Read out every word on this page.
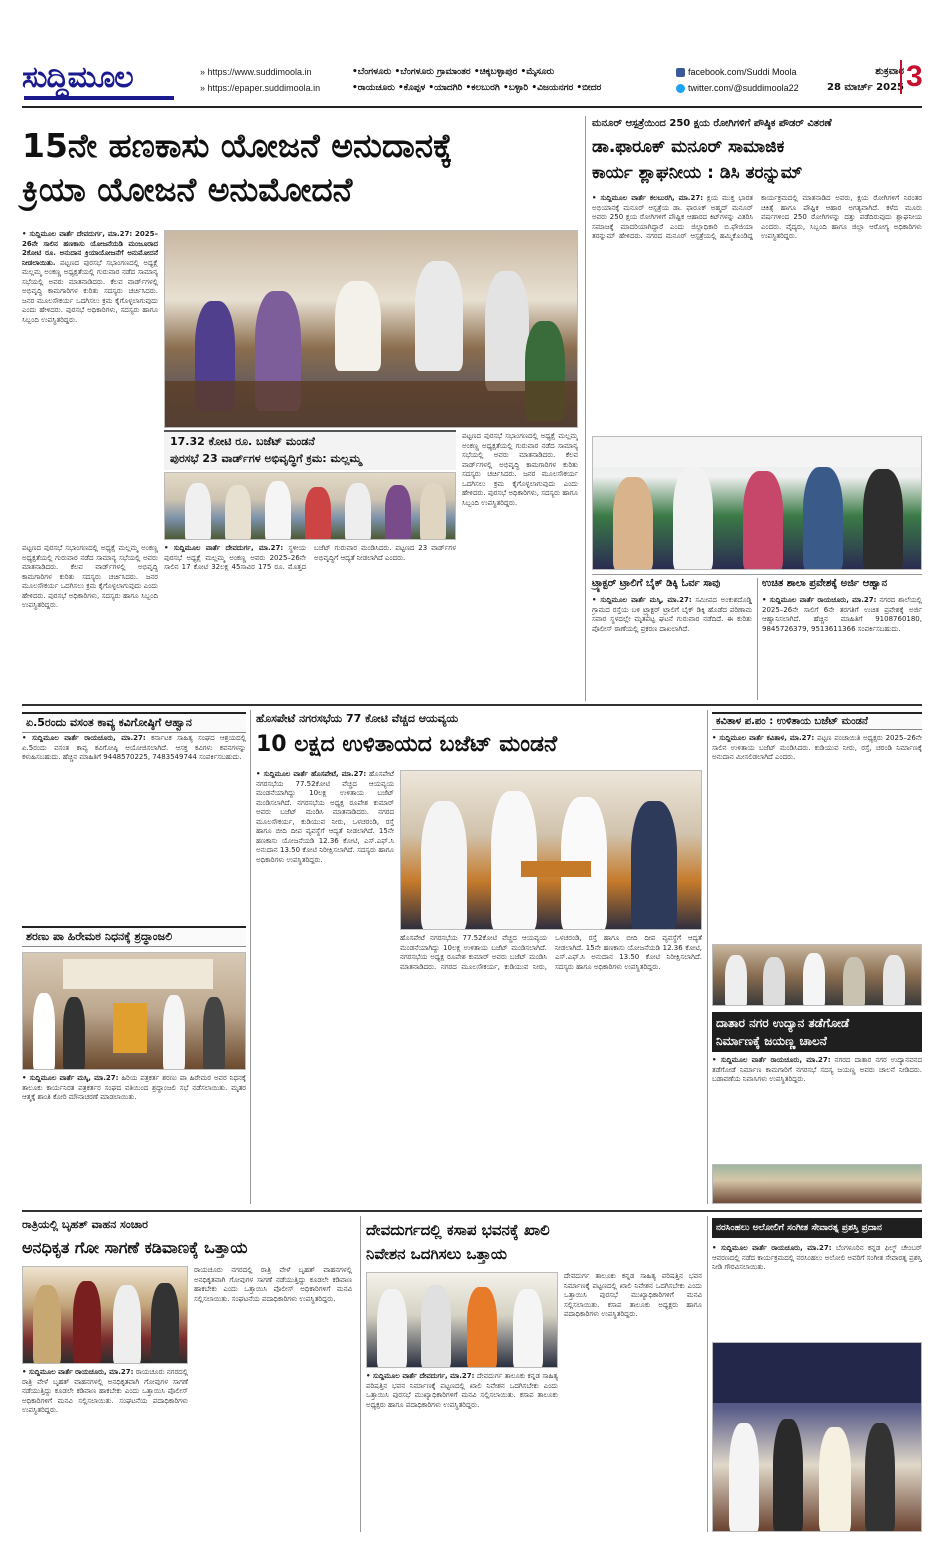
ಸುದ್ದಿಮೂಲ	» https://www.suddimoola.in
» https://epaper.suddimoola.in
•ಬೆಂಗಳೂರು •ಬೆಂಗಳೂರು ಗ್ರಾಮಾಂತರ •ಚಿಕ್ಕಬಳ್ಳಾಪುರ •ಮೈಸೂರು
•ರಾಯಚೂರು •ಕೊಪ್ಪಳ •ಯಾದಗಿರಿ •ಕಲಬುರಗಿ •ಬಳ್ಳಾರಿ •ವಿಜಯನಗರ •ಬೀದರ
facebook.com/Suddi Moola
twitter.com/@suddimoola22
ಶುಕ್ರವಾರ
28 ಮಾರ್ಚ್ 2025 3
15ನೇ ಹಣಕಾಸು ಯೋಜನೆ ಅನುದಾನಕ್ಕೆ
ಕ್ರಿಯಾ ಯೋಜನೆ ಅನುಮೋದನೆ
• ಸುದ್ದಿಮೂಲ ವಾರ್ತೆ ದೇವದುರ್ಗ, ಮಾ.27: 2025–26ನೇ ಸಾಲಿನ ಹಣಕಾಸು ಯೋಜನೆಯಡಿ ಮಂಜೂರಾದ 2ಕೋಟಿ ರೂ. ಅನುದಾನ ಕ್ರಿಯಾಯೋಜನೆಗೆ ಅನುಮೋದನೆ ನೀಡಲಾಯಿತು. ಪಟ್ಟಣದ ಪುರಸಭೆ ಸಭಾಂಗಣದಲ್ಲಿ ಅಧ್ಯಕ್ಷೆ ಮಲ್ಲಮ್ಮ ಅಂಕಣ್ಣ ಅಧ್ಯಕ್ಷತೆಯಲ್ಲಿ ಗುರುವಾರ ನಡೆದ ಸಾಮಾನ್ಯ ಸಭೆಯಲ್ಲಿ ಅವರು ಮಾತನಾಡಿದರು. ಕೆಲವ ವಾರ್ಡ್‌ಗಳಲ್ಲಿ ಅಭಿವೃದ್ಧಿ ಕಾಮಗಾರಿಗಳ ಕುರಿತು ಸದಸ್ಯರು ಚರ್ಚಿಸಿದರು. ಜನರ ಮೂಲಸೌಕರ್ಯ ಒದಗಿಸಲು ಕ್ರಮ ಕೈಗೊಳ್ಳಲಾಗುವುದು ಎಂದು ಹೇಳಿದರು. ಪುರಸಭೆ ಅಧಿಕಾರಿಗಳು, ಸದಸ್ಯರು ಹಾಗೂ ಸಿಬ್ಬಂದಿ ಉಪಸ್ಥಿತರಿದ್ದರು.
17.32 ಕೋಟಿ ರೂ. ಬಜೆಟ್ ಮಂಡನೆ
ಪುರಸಭೆ 23 ವಾರ್ಡ್‌ಗಳ ಅಭಿವೃದ್ಧಿಗೆ ಕ್ರಮ: ಮಲ್ಲಮ್ಮ
• ಸುದ್ದಿಮೂಲ ವಾರ್ತೆ ದೇವದುರ್ಗ, ಮಾ.27: ಸ್ಥಳೀಯ ಪುರಸಭೆ ಅಧ್ಯಕ್ಷೆ ಮಲ್ಲಮ್ಮ ಅಂಕಣ್ಣ ಅವರು 2025–26ನೇ ಸಾಲಿನ 17 ಕೋಟಿ 32ಲಕ್ಷ 45ಸಾವಿರ 175 ರೂ. ಮೊತ್ತದ ಬಜೆಟ್ ಗುರುವಾರ ಮಂಡಿಸಿದರು. ಪಟ್ಟಣದ 23 ವಾರ್ಡ್‌ಗಳ ಅಭಿವೃದ್ಧಿಗೆ ಆದ್ಯತೆ ನೀಡಲಾಗಿದೆ ಎಂದರು.
ಪಟ್ಟಣದ ಪುರಸಭೆ ಸಭಾಂಗಣದಲ್ಲಿ ಅಧ್ಯಕ್ಷೆ ಮಲ್ಲಮ್ಮ ಅಂಕಣ್ಣ ಅಧ್ಯಕ್ಷತೆಯಲ್ಲಿ ಗುರುವಾರ ನಡೆದ ಸಾಮಾನ್ಯ ಸಭೆಯಲ್ಲಿ ಅವರು ಮಾತನಾಡಿದರು. ಕೆಲವ ವಾರ್ಡ್‌ಗಳಲ್ಲಿ ಅಭಿವೃದ್ಧಿ ಕಾಮಗಾರಿಗಳ ಕುರಿತು ಸದಸ್ಯರು ಚರ್ಚಿಸಿದರು. ಜನರ ಮೂಲಸೌಕರ್ಯ ಒದಗಿಸಲು ಕ್ರಮ ಕೈಗೊಳ್ಳಲಾಗುವುದು ಎಂದು ಹೇಳಿದರು. ಪುರಸಭೆ ಅಧಿಕಾರಿಗಳು, ಸದಸ್ಯರು ಹಾಗೂ ಸಿಬ್ಬಂದಿ ಉಪಸ್ಥಿತರಿದ್ದರು.
ಪಟ್ಟಣದ ಪುರಸಭೆ ಸಭಾಂಗಣದಲ್ಲಿ ಅಧ್ಯಕ್ಷೆ ಮಲ್ಲಮ್ಮ ಅಂಕಣ್ಣ ಅಧ್ಯಕ್ಷತೆಯಲ್ಲಿ ಗುರುವಾರ ನಡೆದ ಸಾಮಾನ್ಯ ಸಭೆಯಲ್ಲಿ ಅವರು ಮಾತನಾಡಿದರು. ಕೆಲವ ವಾರ್ಡ್‌ಗಳಲ್ಲಿ ಅಭಿವೃದ್ಧಿ ಕಾಮಗಾರಿಗಳ ಕುರಿತು ಸದಸ್ಯರು ಚರ್ಚಿಸಿದರು. ಜನರ ಮೂಲಸೌಕರ್ಯ ಒದಗಿಸಲು ಕ್ರಮ ಕೈಗೊಳ್ಳಲಾಗುವುದು ಎಂದು ಹೇಳಿದರು. ಪುರಸಭೆ ಅಧಿಕಾರಿಗಳು, ಸದಸ್ಯರು ಹಾಗೂ ಸಿಬ್ಬಂದಿ ಉಪಸ್ಥಿತರಿದ್ದರು.
ಮನೂರ್ ಆಸ್ಪತ್ರೆಯಿಂದ 250 ಕ್ಷಯ ರೋಗಿಗಳಿಗೆ ಪೌಷ್ಠಿಕ ಪೌಡರ್ ವಿತರಣೆ
ಡಾ.ಫಾರೂಕ್ ಮನೂರ್ ಸಾಮಾಜಿಕ
ಕಾರ್ಯ ಶ್ಲಾಘನೀಯ : ಡಿಸಿ ತರನ್ನುಮ್
• ಸುದ್ದಿಮೂಲ ವಾರ್ತೆ ಕಲಬುರಗಿ, ಮಾ.27: ಕ್ಷಯ ಮುಕ್ತ ಭಾರತ ಅಭಿಯಾನಕ್ಕೆ ಮನೂರ್ ಆಸ್ಪತ್ರೆಯ ಡಾ. ಫಾರೂಕ್ ಅಹ್ಮದ್ ಮನೂರ್ ಅವರು 250 ಕ್ಷಯ ರೋಗಿಗಳಿಗೆ ಪೌಷ್ಟಿಕ ಆಹಾರದ ಕಿಟ್‌ಗಳನ್ನು ವಿತರಿಸಿ ಸಮಾಜಕ್ಕೆ ಮಾದರಿಯಾಗಿದ್ದಾರೆ ಎಂದು ಜಿಲ್ಲಾಧಿಕಾರಿ ಬಿ.ಫೌಜಿಯಾ ತರನ್ನುಮ್ ಹೇಳಿದರು. ನಗರದ ಮನೂರ್ ಆಸ್ಪತ್ರೆಯಲ್ಲಿ ಹಮ್ಮಿಕೊಂಡಿದ್ದ ಕಾರ್ಯಕ್ರಮದಲ್ಲಿ ಮಾತನಾಡಿದ ಅವರು, ಕ್ಷಯ ರೋಗಿಗಳಿಗೆ ನಿರಂತರ ಚಿಕಿತ್ಸೆ ಹಾಗೂ ಪೌಷ್ಟಿಕ ಆಹಾರ ಅಗತ್ಯವಾಗಿದೆ. ಕಳೆದ ಮೂರು ವರ್ಷಗಳಿಂದ 250 ರೋಗಿಗಳನ್ನು ದತ್ತು ಪಡೆದಿರುವುದು ಶ್ಲಾಘನೀಯ ಎಂದರು. ವೈದ್ಯರು, ಸಿಬ್ಬಂದಿ ಹಾಗೂ ಜಿಲ್ಲಾ ಆರೋಗ್ಯ ಅಧಿಕಾರಿಗಳು ಉಪಸ್ಥಿತರಿದ್ದರು.
ಟ್ರ್ಯಾಕ್ಟರ್ ಟ್ರಾಲಿಗೆ ಬೈಕ್ ಡಿಕ್ಕಿ ಓರ್ವ ಸಾವು
• ಸುದ್ದಿಮೂಲ ವಾರ್ತೆ ಮಸ್ಕಿ, ಮಾ.27: ಸಮೀಪದ ಅಂಕುಶದೊಡ್ಡಿ ಗ್ರಾಮದ ರಸ್ತೆಯ ಬಳಿ ಟ್ರ್ಯಾಕ್ಟರ್ ಟ್ರಾಲಿಗೆ ಬೈಕ್ ಡಿಕ್ಕಿ ಹೊಡೆದ ಪರಿಣಾಮ ಸವಾರ ಸ್ಥಳದಲ್ಲೇ ಮೃತಪಟ್ಟ ಘಟನೆ ಗುರುವಾರ ನಡೆದಿದೆ. ಈ ಕುರಿತು ಪೊಲೀಸ್ ಠಾಣೆಯಲ್ಲಿ ಪ್ರಕರಣ ದಾಖಲಾಗಿದೆ.
ಉಚಿತ ಶಾಲಾ ಪ್ರವೇಶಕ್ಕೆ ಅರ್ಜಿ ಆಹ್ವಾನ
• ಸುದ್ದಿಮೂಲ ವಾರ್ತೆ ರಾಯಚೂರು, ಮಾ.27: ನಗರದ ಶಾಲೆಯಲ್ಲಿ 2025–26ನೇ ಸಾಲಿಗೆ 6ನೇ ತರಗತಿಗೆ ಉಚಿತ ಪ್ರವೇಶಕ್ಕೆ ಅರ್ಜಿ ಆಹ್ವಾನಿಸಲಾಗಿದೆ. ಹೆಚ್ಚಿನ ಮಾಹಿತಿಗೆ 9108760180, 9845726379, 9513611366 ಸಂಪರ್ಕಿಸಬಹುದು.
ಏ.5ರಂದು ವಸಂತ ಕಾವ್ಯ ಕವಿಗೋಷ್ಠಿಗೆ ಆಹ್ವಾನ
• ಸುದ್ದಿಮೂಲ ವಾರ್ತೆ ರಾಯಚೂರು, ಮಾ.27: ಕರ್ನಾಟಕ ಸಾಹಿತ್ಯ ಸಂಘದ ಆಶ್ರಯದಲ್ಲಿ ಏ.5ರಂದು ವಸಂತ ಕಾವ್ಯ ಕವಿಗೋಷ್ಠಿ ಆಯೋಜಿಸಲಾಗಿದೆ. ಆಸಕ್ತ ಕವಿಗಳು ಕವನಗಳನ್ನು ಕಳುಹಿಸಬಹುದು. ಹೆಚ್ಚಿನ ಮಾಹಿತಿಗೆ 9448570225, 7483549744 ಸಂಪರ್ಕಿಸಬಹುದು.
ಶರಣು ಪಾ ಹಿರೇಮಠ ನಿಧನಕ್ಕೆ ಶ್ರದ್ಧಾಂಜಲಿ
• ಸುದ್ದಿಮೂಲ ವಾರ್ತೆ ಮಸ್ಕಿ, ಮಾ.27: ಹಿರಿಯ ಪತ್ರಕರ್ತ ಶರಣು ಪಾ ಹಿರೇಮಠ ಅವರ ನಿಧನಕ್ಕೆ ತಾಲೂಕು ಕಾರ್ಯನಿರತ ಪತ್ರಕರ್ತರ ಸಂಘದ ವತಿಯಿಂದ ಶ್ರದ್ಧಾಂಜಲಿ ಸಭೆ ನಡೆಸಲಾಯಿತು. ಮೃತರ ಆತ್ಮಕ್ಕೆ ಶಾಂತಿ ಕೋರಿ ಮೌನಾಚರಣೆ ಮಾಡಲಾಯಿತು.
ಹೊಸಪೇಟೆ ನಗರಸಭೆಯ 77 ಕೋಟಿ ವೆಚ್ಚದ ಆಯವ್ಯಯ
10 ಲಕ್ಷದ ಉಳಿತಾಯದ ಬಜೆಟ್ ಮಂಡನೆ
• ಸುದ್ದಿಮೂಲ ವಾರ್ತೆ ಹೊಸಪೇಟೆ, ಮಾ.27: ಹೊಸಪೇಟೆ ನಗರಸಭೆಯ 77.52ಕೋಟಿ ವೆಚ್ಚದ ಆಯವ್ಯಯ ಮಂಡನೆಯಾಗಿದ್ದು 10ಲಕ್ಷ ಉಳಿತಾಯ ಬಜೆಟ್ ಮಂಡಿಸಲಾಗಿದೆ. ನಗರಸಭೆಯ ಅಧ್ಯಕ್ಷ ರೂಪೇಶ ಕುಮಾರ್ ಅವರು ಬಜೆಟ್ ಮಂಡಿಸಿ ಮಾತನಾಡಿದರು. ನಗರದ ಮೂಲಸೌಕರ್ಯ, ಕುಡಿಯುವ ನೀರು, ಒಳಚರಂಡಿ, ರಸ್ತೆ ಹಾಗೂ ಬೀದಿ ದೀಪ ವ್ಯವಸ್ಥೆಗೆ ಆದ್ಯತೆ ನೀಡಲಾಗಿದೆ. 15ನೇ ಹಣಕಾಸು ಯೋಜನೆಯಡಿ 12.36 ಕೋಟಿ, ಎಸ್.ಎಫ್.ಸಿ ಅನುದಾನ 13.50 ಕೋಟಿ ನಿರೀಕ್ಷಿಸಲಾಗಿದೆ. ಸದಸ್ಯರು ಹಾಗೂ ಅಧಿಕಾರಿಗಳು ಉಪಸ್ಥಿತರಿದ್ದರು.
ಹೊಸಪೇಟೆ ನಗರಸಭೆಯ 77.52ಕೋಟಿ ವೆಚ್ಚದ ಆಯವ್ಯಯ ಮಂಡನೆಯಾಗಿದ್ದು 10ಲಕ್ಷ ಉಳಿತಾಯ ಬಜೆಟ್ ಮಂಡಿಸಲಾಗಿದೆ. ನಗರಸಭೆಯ ಅಧ್ಯಕ್ಷ ರೂಪೇಶ ಕುಮಾರ್ ಅವರು ಬಜೆಟ್ ಮಂಡಿಸಿ ಮಾತನಾಡಿದರು. ನಗರದ ಮೂಲಸೌಕರ್ಯ, ಕುಡಿಯುವ ನೀರು, ಒಳಚರಂಡಿ, ರಸ್ತೆ ಹಾಗೂ ಬೀದಿ ದೀಪ ವ್ಯವಸ್ಥೆಗೆ ಆದ್ಯತೆ ನೀಡಲಾಗಿದೆ. 15ನೇ ಹಣಕಾಸು ಯೋಜನೆಯಡಿ 12.36 ಕೋಟಿ, ಎಸ್.ಎಫ್.ಸಿ ಅನುದಾನ 13.50 ಕೋಟಿ ನಿರೀಕ್ಷಿಸಲಾಗಿದೆ. ಸದಸ್ಯರು ಹಾಗೂ ಅಧಿಕಾರಿಗಳು ಉಪಸ್ಥಿತರಿದ್ದರು.
ಕವಿತಾಳ ಪ.ಪಂ : ಉಳಿತಾಯ ಬಜೆಟ್ ಮಂಡನೆ
• ಸುದ್ದಿಮೂಲ ವಾರ್ತೆ ಕವಿತಾಳ, ಮಾ.27: ಪಟ್ಟಣ ಪಂಚಾಯಿತಿ ಅಧ್ಯಕ್ಷರು 2025–26ನೇ ಸಾಲಿನ ಉಳಿತಾಯ ಬಜೆಟ್ ಮಂಡಿಸಿದರು. ಕುಡಿಯುವ ನೀರು, ರಸ್ತೆ, ಚರಂಡಿ ನಿರ್ಮಾಣಕ್ಕೆ ಅನುದಾನ ಮೀಸಲಿಡಲಾಗಿದೆ ಎಂದರು.
ದಾತಾರ ನಗರ ಉದ್ಯಾನ ತಡೆಗೋಡೆ
ನಿರ್ಮಾಣಕ್ಕೆ ಜಯಣ್ಣ ಚಾಲನೆ
• ಸುದ್ದಿಮೂಲ ವಾರ್ತೆ ರಾಯಚೂರು, ಮಾ.27: ನಗರದ ದಾತಾರ ನಗರ ಉದ್ಯಾನವನದ ತಡೆಗೋಡೆ ನಿರ್ಮಾಣ ಕಾಮಗಾರಿಗೆ ನಗರಸಭೆ ಸದಸ್ಯ ಜಯಣ್ಣ ಅವರು ಚಾಲನೆ ನೀಡಿದರು. ಬಡಾವಣೆಯ ನಿವಾಸಿಗಳು ಉಪಸ್ಥಿತರಿದ್ದರು.
ರಾತ್ರಿಯಲ್ಲಿ ಬೃಹತ್ ವಾಹನ ಸಂಚಾರ
ಅನಧಿಕೃತ ಗೋ ಸಾಗಣೆ ಕಡಿವಾಣಕ್ಕೆ ಒತ್ತಾಯ
ರಾಯಚೂರು ನಗರದಲ್ಲಿ ರಾತ್ರಿ ವೇಳೆ ಬೃಹತ್ ವಾಹನಗಳಲ್ಲಿ ಅನಧಿಕೃತವಾಗಿ ಗೋವುಗಳ ಸಾಗಣೆ ನಡೆಯುತ್ತಿದ್ದು ಕೂಡಲೇ ಕಡಿವಾಣ ಹಾಕಬೇಕು ಎಂದು ಒತ್ತಾಯಿಸಿ ಪೊಲೀಸ್ ಅಧಿಕಾರಿಗಳಿಗೆ ಮನವಿ ಸಲ್ಲಿಸಲಾಯಿತು. ಸಂಘಟನೆಯ ಪದಾಧಿಕಾರಿಗಳು ಉಪಸ್ಥಿತರಿದ್ದರು.
• ಸುದ್ದಿಮೂಲ ವಾರ್ತೆ ರಾಯಚೂರು, ಮಾ.27: ರಾಯಚೂರು ನಗರದಲ್ಲಿ ರಾತ್ರಿ ವೇಳೆ ಬೃಹತ್ ವಾಹನಗಳಲ್ಲಿ ಅನಧಿಕೃತವಾಗಿ ಗೋವುಗಳ ಸಾಗಣೆ ನಡೆಯುತ್ತಿದ್ದು ಕೂಡಲೇ ಕಡಿವಾಣ ಹಾಕಬೇಕು ಎಂದು ಒತ್ತಾಯಿಸಿ ಪೊಲೀಸ್ ಅಧಿಕಾರಿಗಳಿಗೆ ಮನವಿ ಸಲ್ಲಿಸಲಾಯಿತು. ಸಂಘಟನೆಯ ಪದಾಧಿಕಾರಿಗಳು ಉಪಸ್ಥಿತರಿದ್ದರು.
ದೇವದುರ್ಗದಲ್ಲಿ ಕಸಾಪ ಭವನಕ್ಕೆ ಖಾಲಿ
ನಿವೇಶನ ಒದಗಿಸಲು ಒತ್ತಾಯ
ದೇವದುರ್ಗ ತಾಲೂಕು ಕನ್ನಡ ಸಾಹಿತ್ಯ ಪರಿಷತ್ತಿನ ಭವನ ನಿರ್ಮಾಣಕ್ಕೆ ಪಟ್ಟಣದಲ್ಲಿ ಖಾಲಿ ನಿವೇಶನ ಒದಗಿಸಬೇಕು ಎಂದು ಒತ್ತಾಯಿಸಿ ಪುರಸಭೆ ಮುಖ್ಯಾಧಿಕಾರಿಗಳಿಗೆ ಮನವಿ ಸಲ್ಲಿಸಲಾಯಿತು. ಕಸಾಪ ತಾಲೂಕು ಅಧ್ಯಕ್ಷರು ಹಾಗೂ ಪದಾಧಿಕಾರಿಗಳು ಉಪಸ್ಥಿತರಿದ್ದರು.
• ಸುದ್ದಿಮೂಲ ವಾರ್ತೆ ದೇವದುರ್ಗ, ಮಾ.27: ದೇವದುರ್ಗ ತಾಲೂಕು ಕನ್ನಡ ಸಾಹಿತ್ಯ ಪರಿಷತ್ತಿನ ಭವನ ನಿರ್ಮಾಣಕ್ಕೆ ಪಟ್ಟಣದಲ್ಲಿ ಖಾಲಿ ನಿವೇಶನ ಒದಗಿಸಬೇಕು ಎಂದು ಒತ್ತಾಯಿಸಿ ಪುರಸಭೆ ಮುಖ್ಯಾಧಿಕಾರಿಗಳಿಗೆ ಮನವಿ ಸಲ್ಲಿಸಲಾಯಿತು. ಕಸಾಪ ತಾಲೂಕು ಅಧ್ಯಕ್ಷರು ಹಾಗೂ ಪದಾಧಿಕಾರಿಗಳು ಉಪಸ್ಥಿತರಿದ್ದರು.
ನರಸಿಂಹಲು ಅಲೋಲಿಗೆ ಸಂಗೀತ ಸೇವಾರತ್ನ ಪ್ರಶಸ್ತಿ ಪ್ರದಾನ
• ಸುದ್ದಿಮೂಲ ವಾರ್ತೆ ರಾಯಚೂರು, ಮಾ.27: ಬೆಂಗಳೂರಿನ ಕನ್ನಡ ಫಿಲ್ಮ್ ಚೇಂಬರ್ ಆವರಣದಲ್ಲಿ ನಡೆದ ಕಾರ್ಯಕ್ರಮದಲ್ಲಿ ನರಸಿಂಹಲು ಅಲೋಲಿ ಅವರಿಗೆ ಸಂಗೀತ ಸೇವಾರತ್ನ ಪ್ರಶಸ್ತಿ ನೀಡಿ ಗೌರವಿಸಲಾಯಿತು.
